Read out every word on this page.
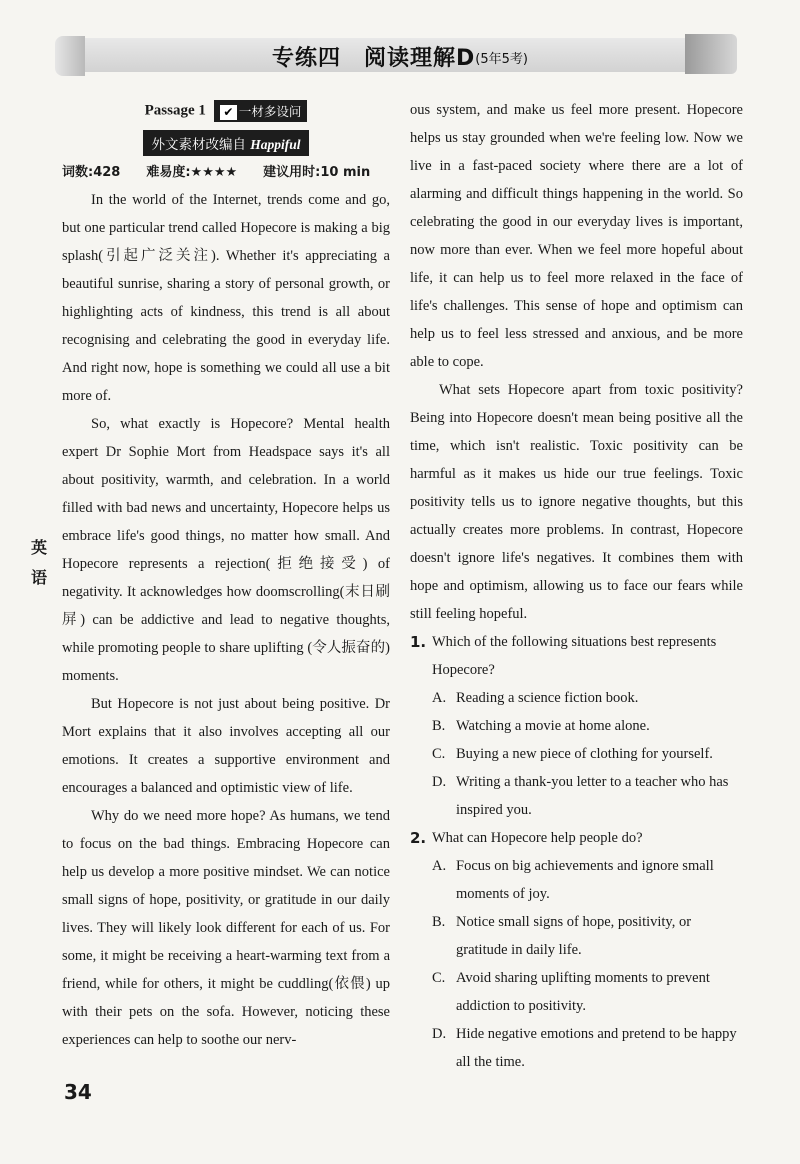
专练四　阅读理解D(5年5考)
Passage 1 ✔ 一材多设问
外文素材改编自 Happiful
词数:428 难易度:★★★★ 建议用时:10 min

In the world of the Internet, trends come and go, but one particular trend called Hopecore is making a big splash(引起广泛关注). Whether it's appreciating a beautiful sunrise, sharing a story of personal growth, or highlighting acts of kindness, this trend is all about recognising and celebrating the good in everyday life. And right now, hope is something we could all use a bit more of.

So, what exactly is Hopecore? Mental health expert Dr Sophie Mort from Headspace says it's all about positivity, warmth, and celebration. In a world filled with bad news and uncertainty, Hopecore helps us embrace life's good things, no matter how small. And Hopecore represents a rejection(拒绝接受) of negativity. It acknowledges how doomscrolling(末日刷屏) can be addictive and lead to negative thoughts, while promoting people to share uplifting (令人振奋的) moments.

But Hopecore is not just about being positive. Dr Mort explains that it also involves accepting all our emotions. It creates a supportive environment and encourages a balanced and optimistic view of life.

Why do we need more hope? As humans, we tend to focus on the bad things. Embracing Hopecore can help us develop a more positive mindset. We can notice small signs of hope, positivity, or gratitude in our daily lives. They will likely look different for each of us. For some, it might be receiving a heart-warming text from a friend, while for others, it might be cuddling(依偎) up with their pets on the sofa. However, noticing these experiences can help to soothe our nerv-

ous system, and make us feel more present. Hopecore helps us stay grounded when we're feeling low. Now we live in a fast-paced society where there are a lot of alarming and difficult things happening in the world. So celebrating the good in our everyday lives is important, now more than ever. When we feel more hopeful about life, it can help us to feel more relaxed in the face of life's challenges. This sense of hope and optimism can help us to feel less stressed and anxious, and be more able to cope.

What sets Hopecore apart from toxic positivity? Being into Hopecore doesn't mean being positive all the time, which isn't realistic. Toxic positivity can be harmful as it makes us hide our true feelings. Toxic positivity tells us to ignore negative thoughts, but this actually creates more problems. In contrast, Hopecore doesn't ignore life's negatives. It combines them with hope and optimism, allowing us to face our fears while still feeling hopeful.

1. Which of the following situations best represents Hopecore?
A. Reading a science fiction book.
B. Watching a movie at home alone.
C. Buying a new piece of clothing for yourself.
D. Writing a thank-you letter to a teacher who has inspired you.
2. What can Hopecore help people do?
A. Focus on big achievements and ignore small moments of joy.
B. Notice small signs of hope, positivity, or gratitude in daily life.
C. Avoid sharing uplifting moments to prevent addiction to positivity.
D. Hide negative emotions and pretend to be happy all the time.
英
语
34
